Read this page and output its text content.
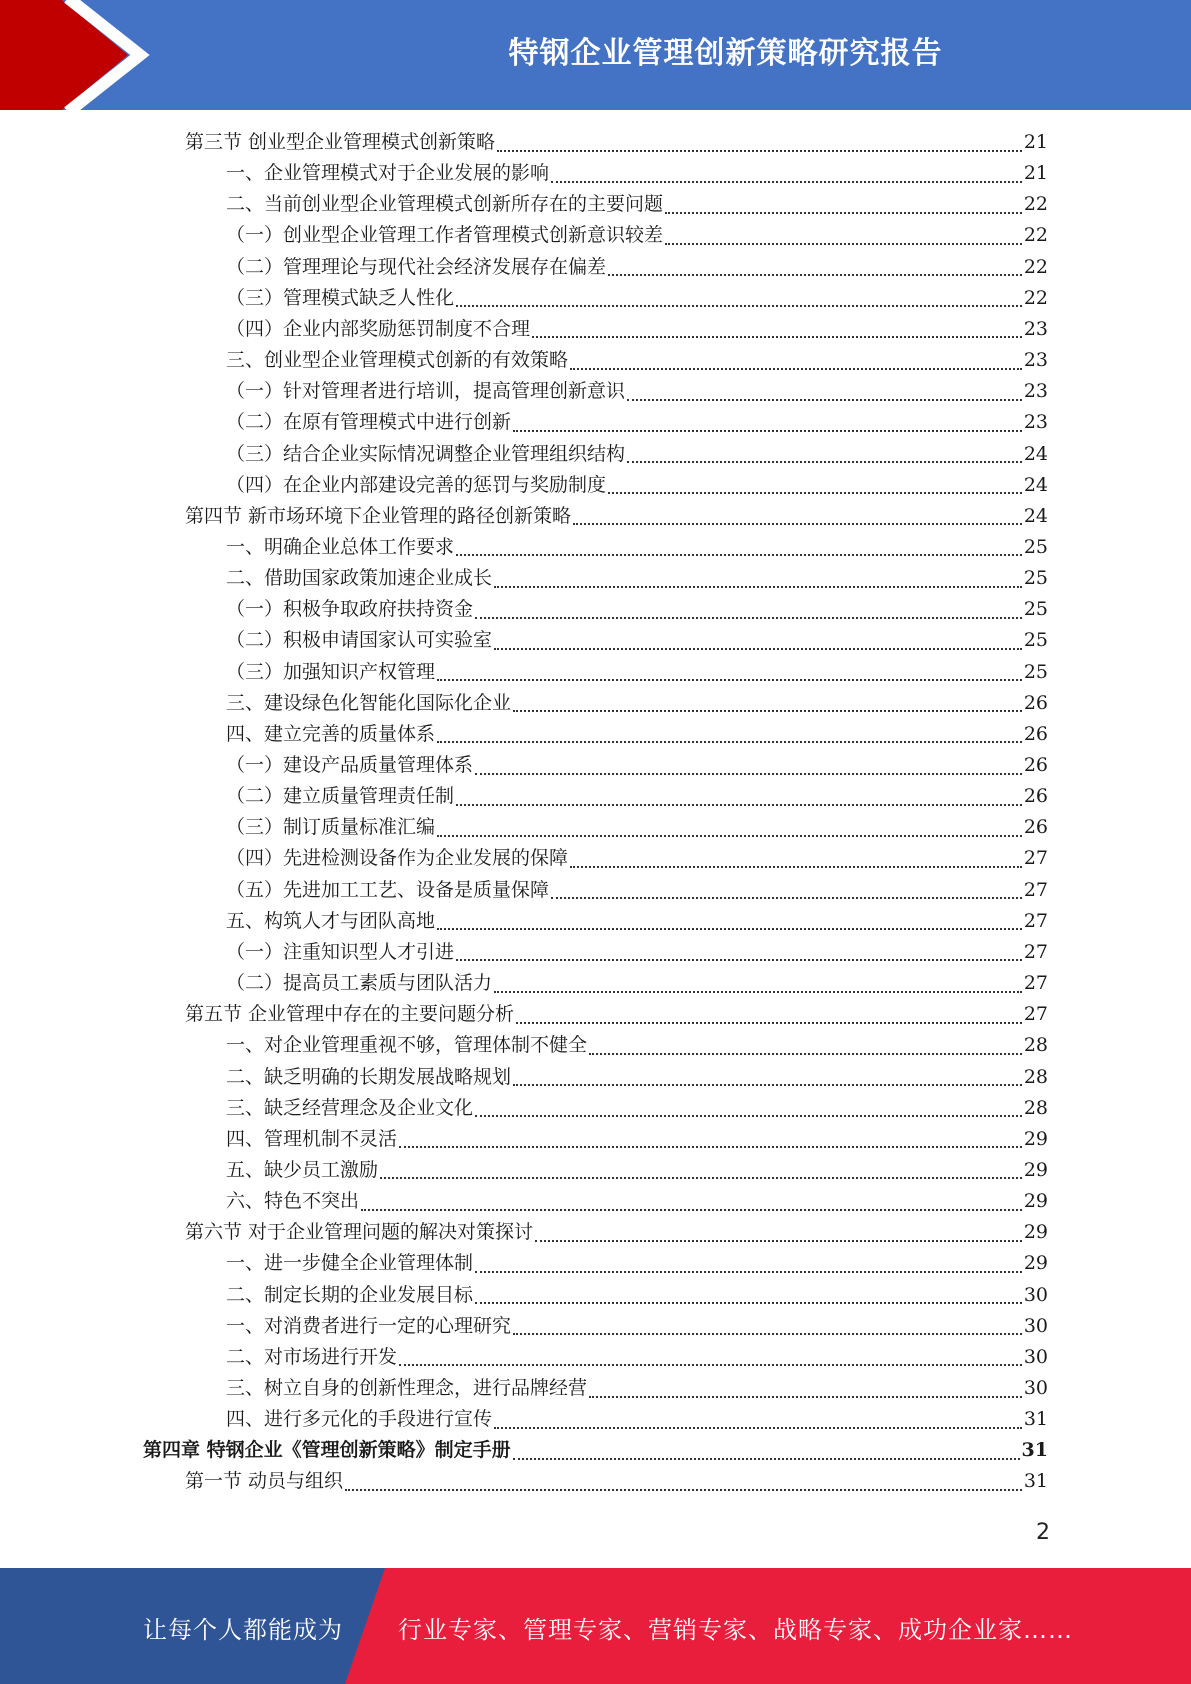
特钢企业管理创新策略研究报告
第三节 创业型企业管理模式创新策略	21
一、企业管理模式对于企业发展的影响	21
二、当前创业型企业管理模式创新所存在的主要问题	22
（一）创业型企业管理工作者管理模式创新意识较差	22
（二）管理理论与现代社会经济发展存在偏差	22
（三）管理模式缺乏人性化	22
（四）企业内部奖励惩罚制度不合理	23
三、创业型企业管理模式创新的有效策略	23
（一）针对管理者进行培训，提高管理创新意识	23
（二）在原有管理模式中进行创新	23
（三）结合企业实际情况调整企业管理组织结构	24
（四）在企业内部建设完善的惩罚与奖励制度	24
第四节 新市场环境下企业管理的路径创新策略	24
一、明确企业总体工作要求	25
二、借助国家政策加速企业成长	25
（一）积极争取政府扶持资金	25
（二）积极申请国家认可实验室	25
（三）加强知识产权管理	25
三、建设绿色化智能化国际化企业	26
四、建立完善的质量体系	26
（一）建设产品质量管理体系	26
（二）建立质量管理责任制	26
（三）制订质量标准汇编	26
（四）先进检测设备作为企业发展的保障	27
（五）先进加工工艺、设备是质量保障	27
五、构筑人才与团队高地	27
（一）注重知识型人才引进	27
（二）提高员工素质与团队活力	27
第五节 企业管理中存在的主要问题分析	27
一、对企业管理重视不够，管理体制不健全	28
二、缺乏明确的长期发展战略规划	28
三、缺乏经营理念及企业文化	28
四、管理机制不灵活	29
五、缺少员工激励	29
六、特色不突出	29
第六节 对于企业管理问题的解决对策探讨	29
一、进一步健全企业管理体制	29
二、制定长期的企业发展目标	30
一、对消费者进行一定的心理研究	30
二、对市场进行开发	30
三、树立自身的创新性理念，进行品牌经营	30
四、进行多元化的手段进行宣传	31
第四章 特钢企业《管理创新策略》制定手册	31
第一节 动员与组织	31
2
让每个人都能成为 行业专家、管理专家、营销专家、战略专家、成功企业家……
